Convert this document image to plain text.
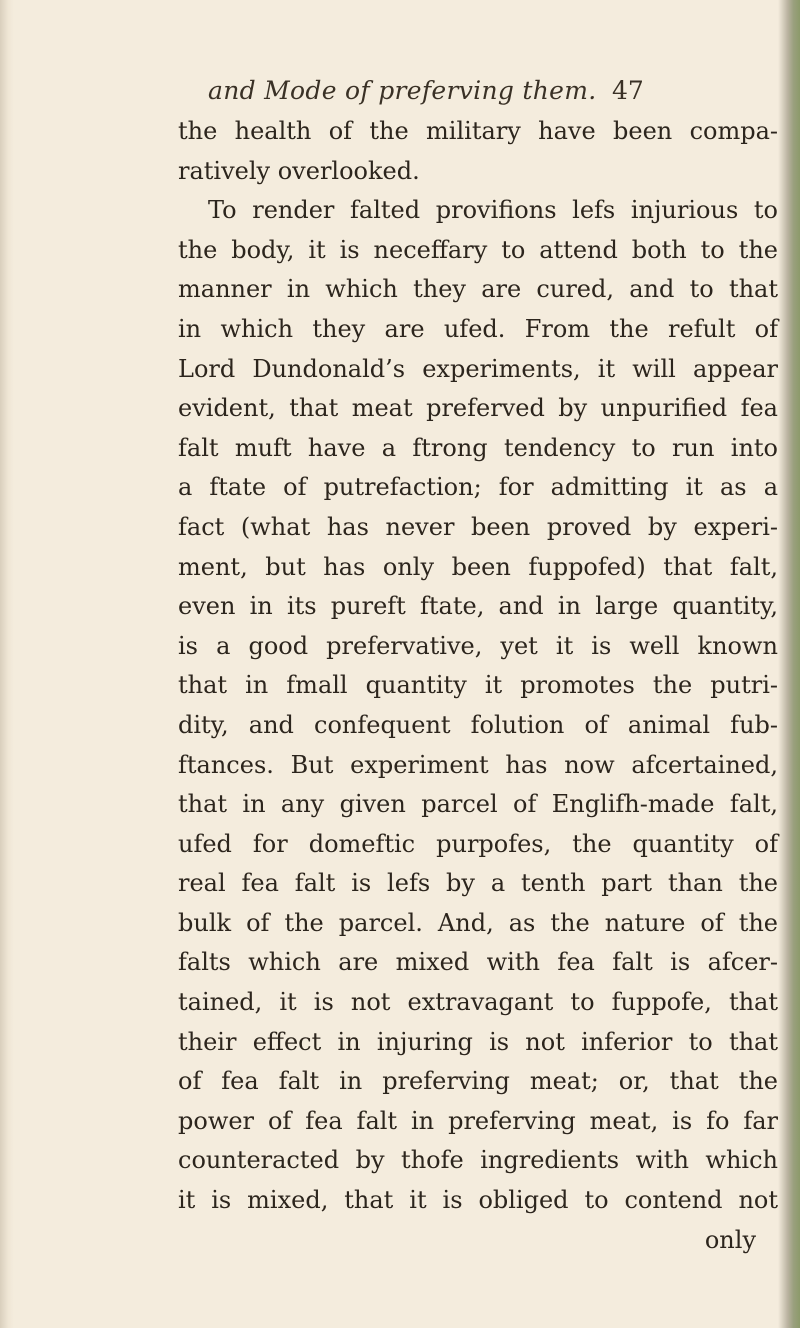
and Mode of preferving them. 47
the health of the military have been compa-
ratively overlooked.
To render falted provifions lefs injurious to
the body, it is neceffary to attend both to the
manner in which they are cured, and to that
in which they are ufed. From the refult of
Lord Dundonald’s experiments, it will appear
evident, that meat preferved by unpurified fea
falt muft have a ftrong tendency to run into
a ftate of putrefaction; for admitting it as a
fact (what has never been proved by experi-
ment, but has only been fuppofed) that falt,
even in its pureft ftate, and in large quantity,
is a good prefervative, yet it is well known
that in fmall quantity it promotes the putri-
dity, and confequent folution of animal fub-
ftances. But experiment has now afcertained,
that in any given parcel of Englifh-made falt,
ufed for domeftic purpofes, the quantity of
real fea falt is lefs by a tenth part than the
bulk of the parcel. And, as the nature of the
falts which are mixed with fea falt is afcer-
tained, it is not extravagant to fuppofe, that
their effect in injuring is not inferior to that
of fea falt in preferving meat; or, that the
power of fea falt in preferving meat, is fo far
counteracted by thofe ingredients with which
it is mixed, that it is obliged to contend not
only
